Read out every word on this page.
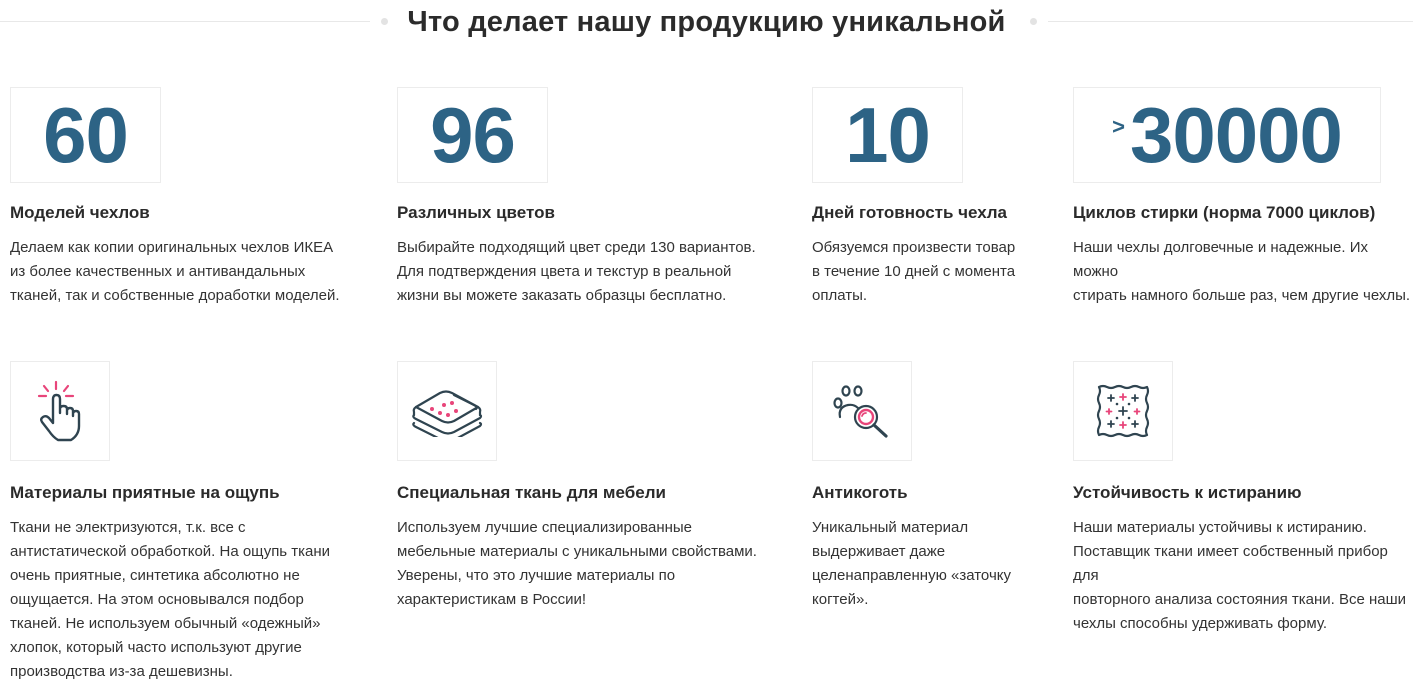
Что делает нашу продукцию уникальной
60
Моделей чехлов

Делаем как копии оригинальных чехлов ИКЕА
из более качественных и антивандальных
тканей, так и собственные доработки моделей.

96
Различных цветов

Выбирайте подходящий цвет среди 130 вариантов.
Для подтверждения цвета и текстур в реальной
жизни вы можете заказать образцы бесплатно.

10
Дней готовность чехла

Обязуемся произвести товар
в течение 10 дней с момента
оплаты.

> 30000
Циклов стирки (норма 7000 циклов)

Наши чехлы долговечные и надежные. Их можно
стирать намного больше раз, чем другие чехлы.

Материалы приятные на ощупь

Ткани не электризуются, т.к. все с
антистатической обработкой. На ощупь ткани
очень приятные, синтетика абсолютно не
ощущается. На этом основывался подбор
тканей. Не используем обычный «одежный»
хлопок, который часто используют другие
производства из-за дешевизны.

Специальная ткань для мебели

Используем лучшие специализированные
мебельные материалы с уникальными свойствами.
Уверены, что это лучшие материалы по
характеристикам в России!

Антикоготь

Уникальный материал
выдерживает даже
целенаправленную «заточку
когтей».

Устойчивость к истиранию

Наши материалы устойчивы к истиранию.
Поставщик ткани имеет собственный прибор для
повторного анализа состояния ткани. Все наши
чехлы способны удерживать форму.
